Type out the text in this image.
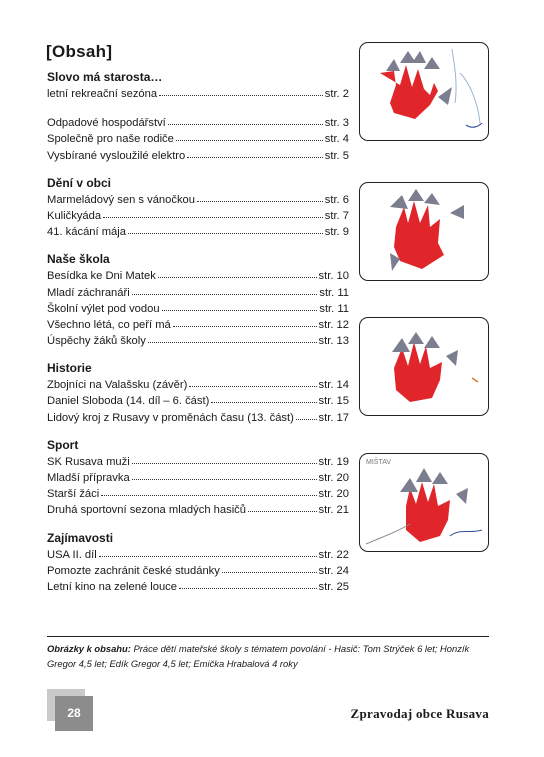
[Obsah]
Slovo má starosta…
letní rekreační sezóna	str. 2
Odpadové hospodářství	str. 3
Společně pro naše rodiče	str. 4
Vysbírané vysloužilé elektro	str. 5
Dění v obci
Marmeládový sen s vánočkou	str. 6
Kuličkyáda	str. 7
41. kácání mája	str. 9
Naše škola
Besídka ke Dni Matek	str. 10
Mladí záchranáři	str. 11
Školní výlet pod vodou	str. 11
Všechno létá, co peří má	str. 12
Úspěchy žáků školy	str. 13
Historie
Zbojníci na Valašsku (závěr)	str. 14
Daniel Sloboda (14. díl – 6. část)	str. 15
Lidový kroj z Rusavy v proměnách času (13. část) str. 17
Sport
SK Rusava muži	str. 19
Mladší přípravka	str. 20
Starší žáci	str. 20
Druhá sportovní sezona mladých hasičů	str. 21
Zajímavosti
USA II. díl	str. 22
Pomozte zachránit české studánky	str. 24
Letní kino na zelené louce	str. 25
MIŠTAV
Obrázky k obsahu: Práce dětí mateřské školy s tématem povolání - Hasič: Tom Strýček 6 let; Honzík Gregor 4,5 let; Edík Gregor 4,5 let; Emička Hrabalová 4 roky
28	Zpravodaj obce Rusava
